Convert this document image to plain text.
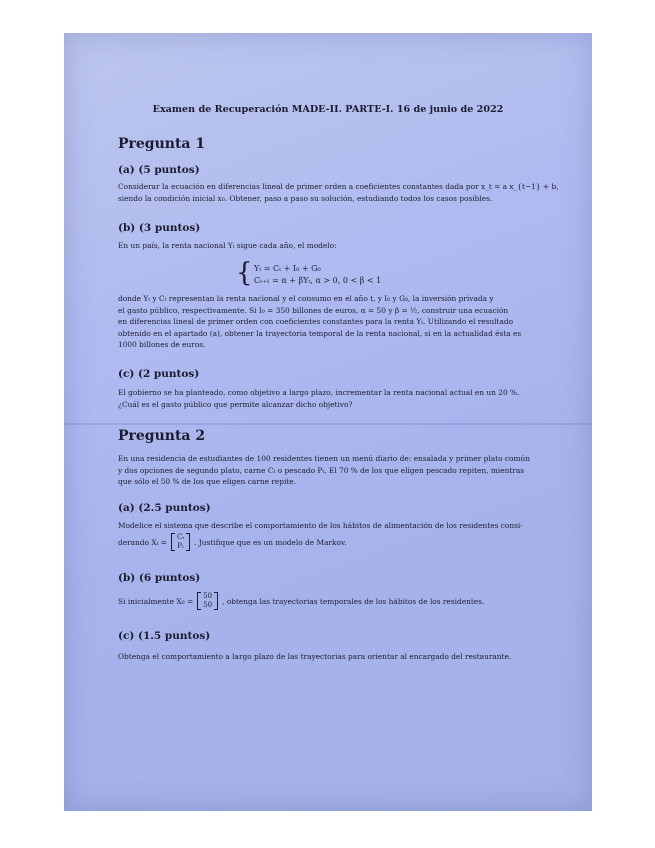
Examen de Recuperación MADE-II. PARTE-I. 16 de junio de 2022
Pregunta 1
(a) (5 puntos)
Considerar la ecuación en diferencias lineal de primer orden a coeficientes constantes dada por x_t = a x_{t−1} + b,
siendo la condición inicial x₀. Obtener, paso a paso su solución, estudiando todos los casos posibles.
(b) (3 puntos)
En un país, la renta nacional Yₜ sigue cada año, el modelo:
{ Yₜ = Cₜ + I₀ + G₀
Cₜ₊₁ = α + βYₜ, α > 0, 0 < β < 1
donde Yₜ y Cₜ representan la renta nacional y el consumo en el año t, y I₀ y G₀, la inversión privada y
el gasto público, respectivamente. Si I₀ = 350 billones de euros, α = 50 y β = ½, construir una ecuación
en diferencias lineal de primer orden con coeficientes constantes para la renta Yₜ. Utilizando el resultado
obtenido en el apartado (a), obtener la trayectoria temporal de la renta nacional, si en la actualidad ésta es
1000 billones de euros.
(c) (2 puntos)
El gobierno se ha planteado, como objetivo a largo plazo, incrementar la renta nacional actual en un 20 %.
¿Cuál es el gasto público que permite alcanzar dicho objetivo?
Pregunta 2
En una residencia de estudiantes de 100 residentes tienen un menú diario de: ensalada y primer plato común
y dos opciones de segundo plato, carne Cₜ o pescado Pₜ. El 70 % de los que eligen pescado repiten, mientras
que sólo el 50 % de los que eligen carne repite.
(a) (2.5 puntos)
Modelice el sistema que describe el comportamiento de los hábitos de alimentación de los residentes consi-
derando Xₜ =
Cₜ
Pₜ . Justifique que es un modelo de Markov.
(b) (6 puntos)
Si inicialmente X₀ =
50
50 , obtenga las trayectorias temporales de los hábitos de los residentes.
(c) (1.5 puntos)
Obtenga el comportamiento a largo plazo de las trayectorias para orientar al encargado del restaurante.
